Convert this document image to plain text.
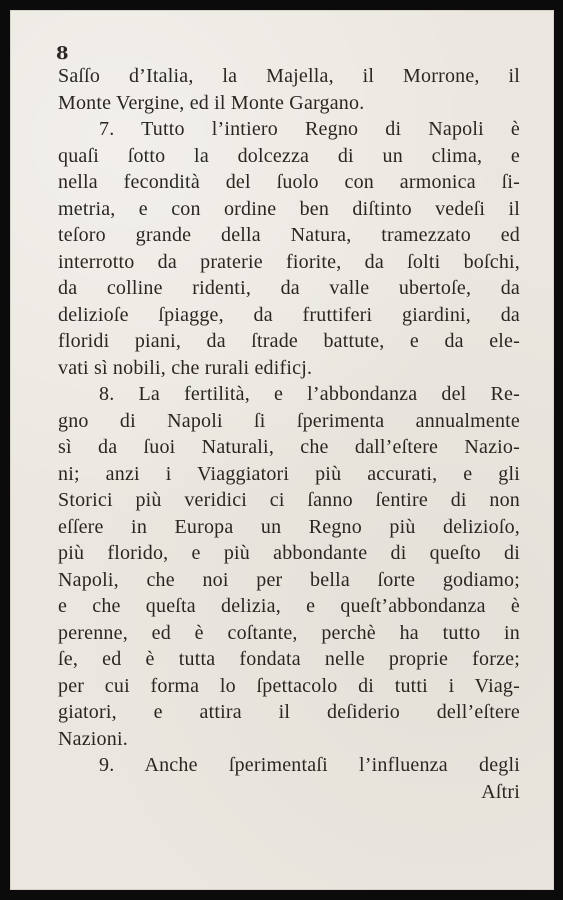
8
Saſſo d’Italia, la Majella, il Morrone, il
Monte Vergine, ed il Monte Gargano.
7. Tutto l’intiero Regno di Napoli è
quaſi ſotto la dolcezza di un clima, e
nella fecondità del ſuolo con armonica ſi-
metria, e con ordine ben diſtinto vedeſi il
teſoro grande della Natura, tramezzato ed
interrotto da praterie fiorite, da ſolti boſchi,
da colline ridenti, da valle ubertoſe, da
delizioſe ſpiagge, da fruttiferi giardini, da
floridi piani, da ſtrade battute, e da ele-
vati sì nobili, che rurali edificj.
8. La fertilità, e l’abbondanza del Re-
gno di Napoli ſi ſperimenta annualmente
sì da ſuoi Naturali, che dall’eſtere Nazio-
ni; anzi i Viaggiatori più accurati, e gli
Storici più veridici ci ſanno ſentire di non
eſſere in Europa un Regno più delizioſo,
più florido, e più abbondante di queſto di
Napoli, che noi per bella ſorte godiamo;
e che queſta delizia, e queſt’abbondanza è
perenne, ed è coſtante, perchè ha tutto in
ſe, ed è tutta fondata nelle proprie forze;
per cui forma lo ſpettacolo di tutti i Viag-
giatori, e attira il deſiderio dell’eſtere
Nazioni.
9. Anche ſperimentaſi l’influenza degli
Aſtri
